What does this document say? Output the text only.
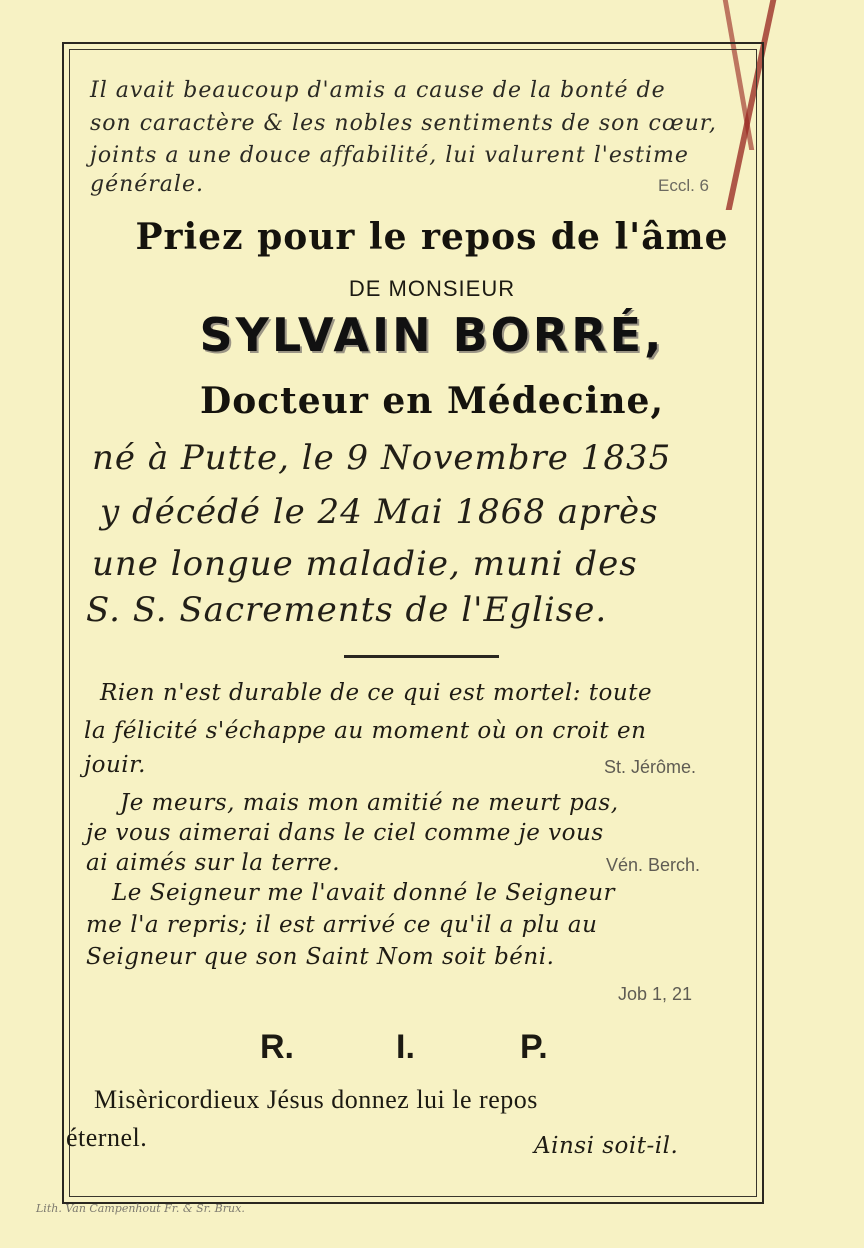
Il avait beaucoup d'amis a cause de la bonté de
son caractère & les nobles sentiments de son cœur,
joints a une douce affabilité, lui valurent l'estime
générale.	Eccl. 6
Priez pour le repos de l'âme
DE MONSIEUR
SYLVAIN BORRÉ,
Docteur en Médecine,
né à Putte, le 9 Novembre 1835
y décédé le 24 Mai 1868 après
une longue maladie, muni des
S. S. Sacrements de l'Eglise.
Rien n'est durable de ce qui est mortel: toute
la félicité s'échappe au moment où on croit en
jouir.	St. Jérôme.
Je meurs, mais mon amitié ne meurt pas,
je vous aimerai dans le ciel comme je vous
ai aimés sur la terre.	Vén. Berch.
Le Seigneur me l'avait donné le Seigneur
me l'a repris; il est arrivé ce qu'il a plu au
Seigneur que son Saint Nom soit béni.
Job 1, 21
R.	I.	P.
Misèricordieux Jésus donnez lui le repos
éternel.	Ainsi soit-il.
Lith. Van Campenhout Fr. & Sr. Brux.
